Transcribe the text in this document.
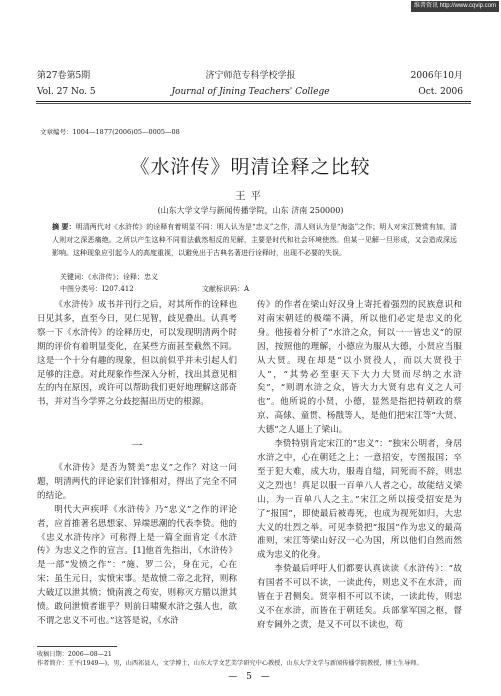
维普资讯 http://www.cqvip.com
第27卷第5期	济宁师范专科学校学报	2006年10月
Vol. 27 No. 5	Journal of Jining Teachers' College	Oct. 2006
文章编号：1004—1877(2006)05—0005—08
《水浒传》明清诠释之比较
王平
(山东大学文学与新闻传播学院，山东 济南 250000)

摘 要：明清两代对《水浒传》的诠释有着明显不同：明人认为是“忠义”之作，清人则认为是“海盗”之作；明人对宋江赞赏有加，清人则对之深恶痛绝。之所以产生这种不同看法截然相反的见解，主要是时代和社会环境使然。但某一见解一旦形成，又会造成深远影响。这种现象应引起今人的高度重视，以避免出于古典名著进行诠释时，出现不必要的失误。

关键词：《水浒传》；诠释；忠义
中图分类号：I207.412	文献标识码：A

《水浒传》成书并刊行之后，对其所作的诠释也日见其多，直至今日，见仁见智，歧见叠出。认真考察一下《水浒传》的诠释历史，可以发现明清两个时期的评价有着明显变化，在某些方面甚至截然不同。这是一个十分有趣的现象，但以前似乎并未引起人们足够的注意。对此现象作些深入分析，找出其意见相左的内在原因，或许可以帮助我们更好地理解这部奇书，并对当今学界之分歧挖掘出历史的根源。

一

《水浒传》是否为赞美“忠义”之作？对这一问题，明清两代的评论家们针锋相对，得出了完全不同的结论。

明代大声疾呼《水浒传》乃“忠义”之作的评论者，应首推著名思想家、异端思潮的代表李贽。他的《忠义水浒传序》可称得上是一篇全面肯定《水浒传》为忠义之作的宣言。[1]他首先指出，《水浒传》是一部“发愤之作”：“施、罗二公，身在元，心在宋；虽生元日，实愤宋事。是故愤二帝之北狩，则称大破辽以泄其愤；愤南渡之苟安，则称灭方腊以泄其愤。敢问泄愤者谁乎？则前日啸聚水浒之强人也，欲不谓之忠义不可也。”这答是说，《水浒

传》的作者在梁山好汉身上寄托着强烈的民族意识和对南宋朝廷的极端不满，所以他们必定是忠义的化身。他接着分析了“水浒之众，何以一一皆忠义”的原因，按照他的理解，小德应为服从大德，小贤应当服从大贤。现在却是“以小贤役人，而以大贤役于人”，“其势必至驱天下大力大贤而尽纳之水浒矣”，“则谓水浒之众，皆大力大贤有忠有义之人可也”。他所说的小贤，小德，显然是指把持朝政的蔡京、高俅、童贯、杨戬等人，是他们把宋江等“大贤、大德”之人逼上了梁山。

李贽特别肯定宋江的“忠义”：“独宋公明者，身居水浒之中，心在朝廷之上；一意招安，专图报国；卒至于犯大难，成大功，服毒自缢，同死而不辞，则忠义之烈也！真足以服一百单八人者之心，故能结义梁山，为一百单八人之主。”宋江之所以接受招安是为了“报国”，即使最后被毒死，也成为视死如归，大忠大义的壮烈之举。可见李贽把“报国”作为忠义的最高准则，宋江等梁山好汉一心为国，所以他们自然而然成为忠义的化身。

李贽最后呼吁人们都要认真读读《水浒传》：“故有国者不可以不读，一读此传，则忠义不在水浒，而皆在于君侧矣。贤宰相不可以不读，一读此传，则忠义不在水浒，而皆在于朝廷矣。兵部掌军国之枢，督府专阃外之责，是又不可以不读也，苟

收稿日期：2006—08—21
作者简介：王平(1949—)，男，山西祁县人，文学博士，山东大学文艺美学研究中心教授，山东大学文学与新闻传播学院教授，博士生导师。
— 5 —
